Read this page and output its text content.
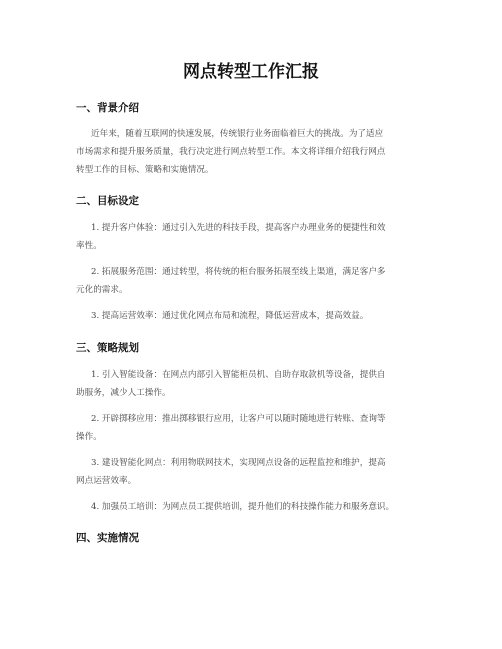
网点转型工作汇报
一、背景介绍
近年来，随着互联网的快速发展，传统银行业务面临着巨大的挑战。为了适应
市场需求和提升服务质量，我行决定进行网点转型工作。本文将详细介绍我行网点
转型工作的目标、策略和实施情况。
二、目标设定
1. 提升客户体验：通过引入先进的科技手段，提高客户办理业务的便捷性和效
率性。
2. 拓展服务范围：通过转型，将传统的柜台服务拓展至线上渠道，满足客户多
元化的需求。
3. 提高运营效率：通过优化网点布局和流程，降低运营成本，提高效益。
三、策略规划
1. 引入智能设备：在网点内部引入智能柜员机、自助存取款机等设备，提供自
助服务，减少人工操作。
2. 开辟掷移应用：推出掷移银行应用，让客户可以随时随地进行转账、查询等
操作。
3. 建设智能化网点：利用物联网技术，实现网点设备的远程监控和维护，提高
网点运营效率。
4. 加强员工培训：为网点员工提供培训，提升他们的科技操作能力和服务意识。
四、实施情况
